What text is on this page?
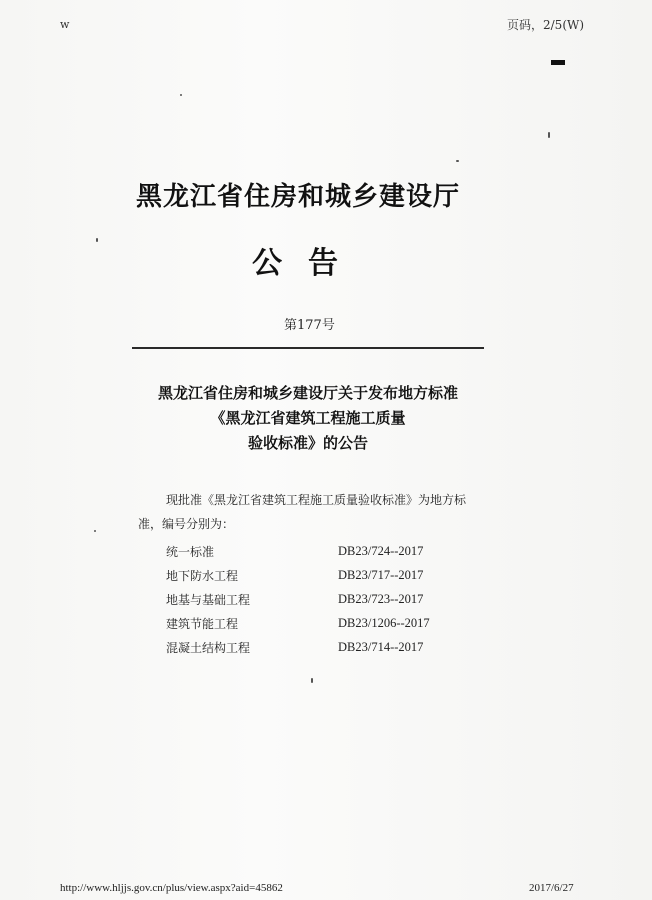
w	页码，2/5(W)
黑龙江省住房和城乡建设厅
公告
第177号
黑龙江省住房和城乡建设厅关于发布地方标准
《黑龙江省建筑工程施工质量
验收标准》的公告
现批准《黑龙江省建筑工程施工质量验收标准》为地方标
准，编号分别为：
统一标准	DB23/724--2017
地下防水工程	DB23/717--2017
地基与基础工程	DB23/723--2017
建筑节能工程	DB23/1206--2017
混凝土结构工程	DB23/714--2017
http://www.hljjs.gov.cn/plus/view.aspx?aid=45862	2017/6/27
